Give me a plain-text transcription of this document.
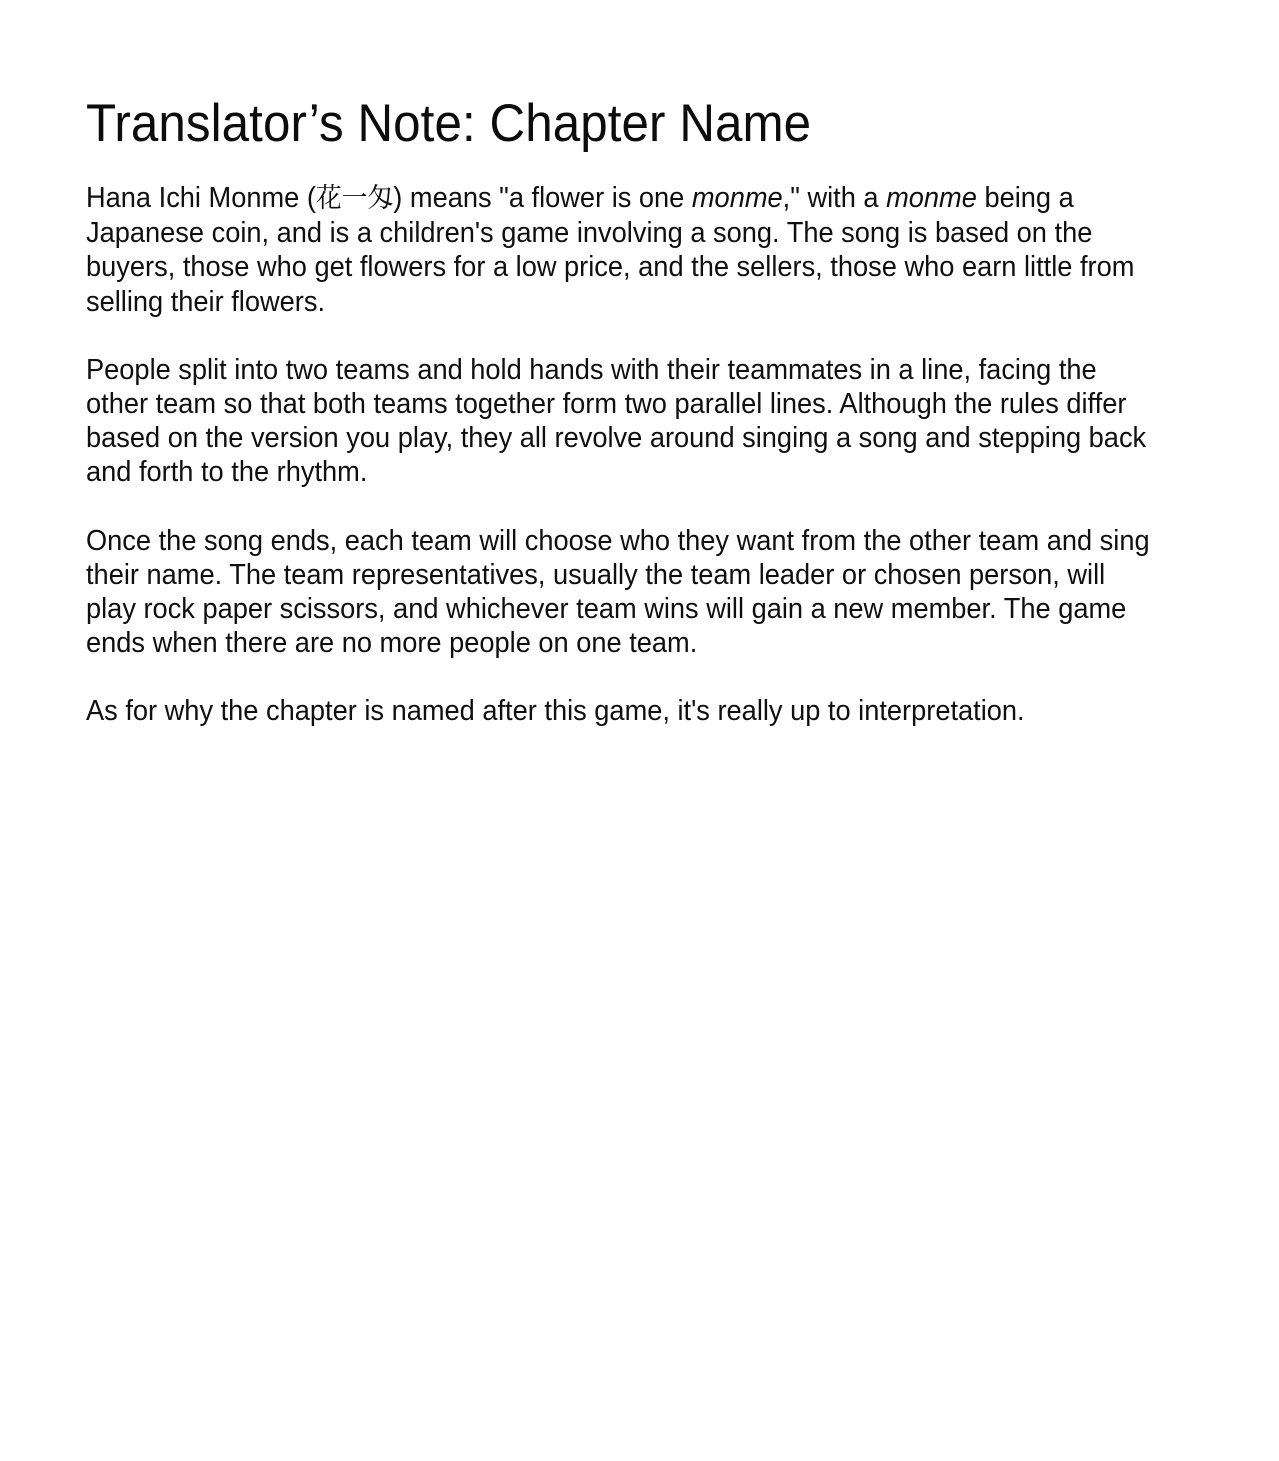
Translator’s Note: Chapter Name

Hana Ichi Monme (花一匁) means "a flower is one monme," with a monme being a Japanese coin, and is a children's game involving a song. The song is based on the buyers, those who get flowers for a low price, and the sellers, those who earn little from selling their flowers.

People split into two teams and hold hands with their teammates in a line, facing the other team so that both teams together form two parallel lines. Although the rules differ based on the version you play, they all revolve around singing a song and stepping back and forth to the rhythm.

Once the song ends, each team will choose who they want from the other team and sing their name. The team representatives, usually the team leader or chosen person, will play rock paper scissors, and whichever team wins will gain a new member. The game ends when there are no more people on one team.

As for why the chapter is named after this game, it's really up to interpretation.
